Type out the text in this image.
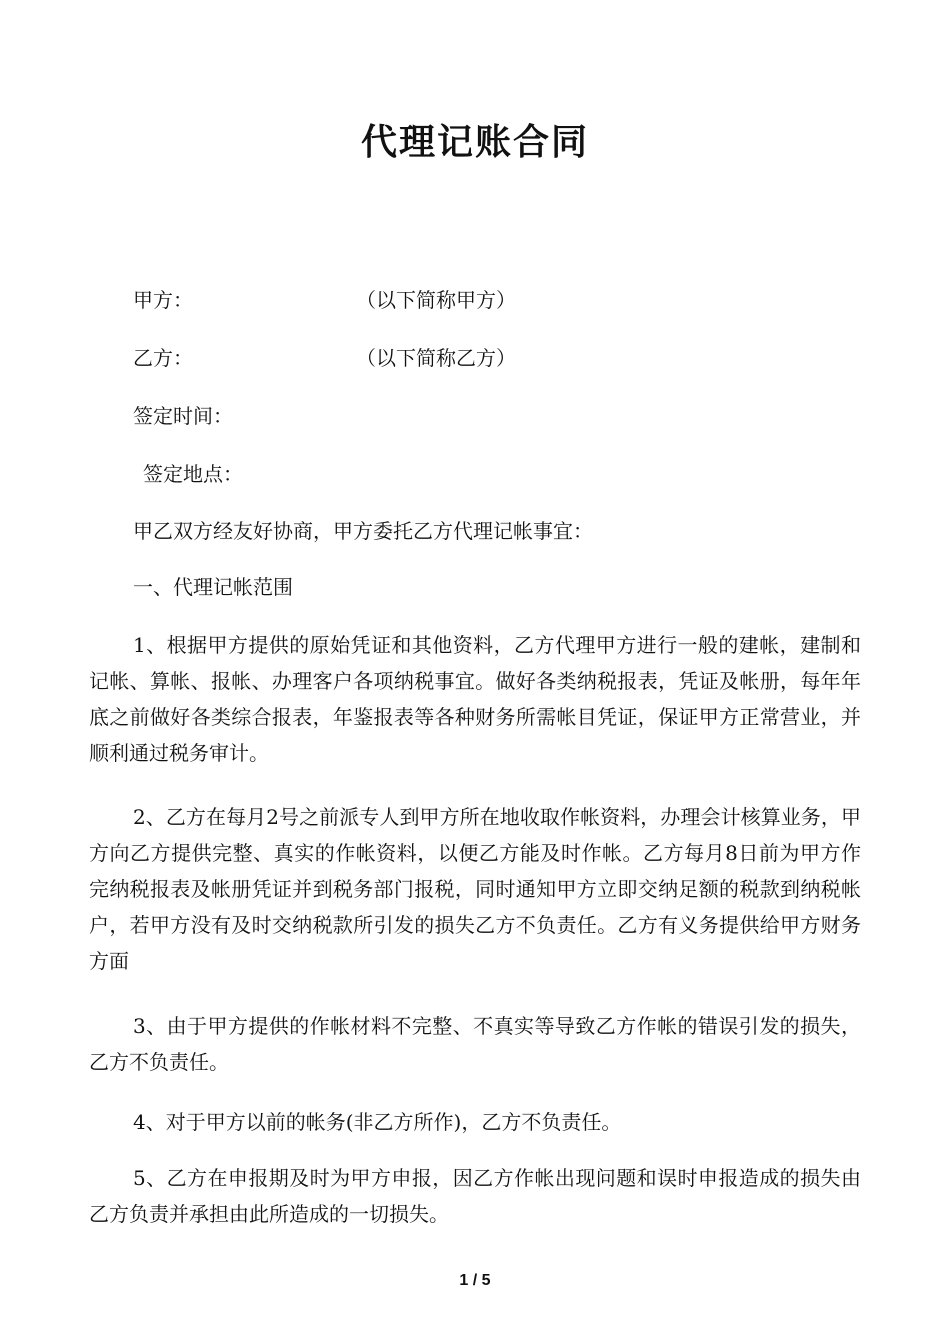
代理记账合同
甲方：	（以下简称甲方）
乙方：	（以下简称乙方）
签定时间：
签定地点：
甲乙双方经友好协商，甲方委托乙方代理记帐事宜：
一、代理记帐范围

1、根据甲方提供的原始凭证和其他资料，乙方代理甲方进行一般的建帐，建制和记帐、算帐、报帐、办理客户各项纳税事宜。做好各类纳税报表，凭证及帐册，每年年底之前做好各类综合报表，年鉴报表等各种财务所需帐目凭证，保证甲方正常营业，并顺利通过税务审计。

2、乙方在每月2号之前派专人到甲方所在地收取作帐资料，办理会计核算业务，甲方向乙方提供完整、真实的作帐资料，以便乙方能及时作帐。乙方每月8日前为甲方作完纳税报表及帐册凭证并到税务部门报税，同时通知甲方立即交纳足额的税款到纳税帐户，若甲方没有及时交纳税款所引发的损失乙方不负责任。乙方有义务提供给甲方财务方面

3、由于甲方提供的作帐材料不完整、不真实等导致乙方作帐的错误引发的损失，乙方不负责任。

4、对于甲方以前的帐务(非乙方所作)，乙方不负责任。

5、乙方在申报期及时为甲方申报，因乙方作帐出现问题和误时申报造成的损失由乙方负责并承担由此所造成的一切损失。

1 / 5
